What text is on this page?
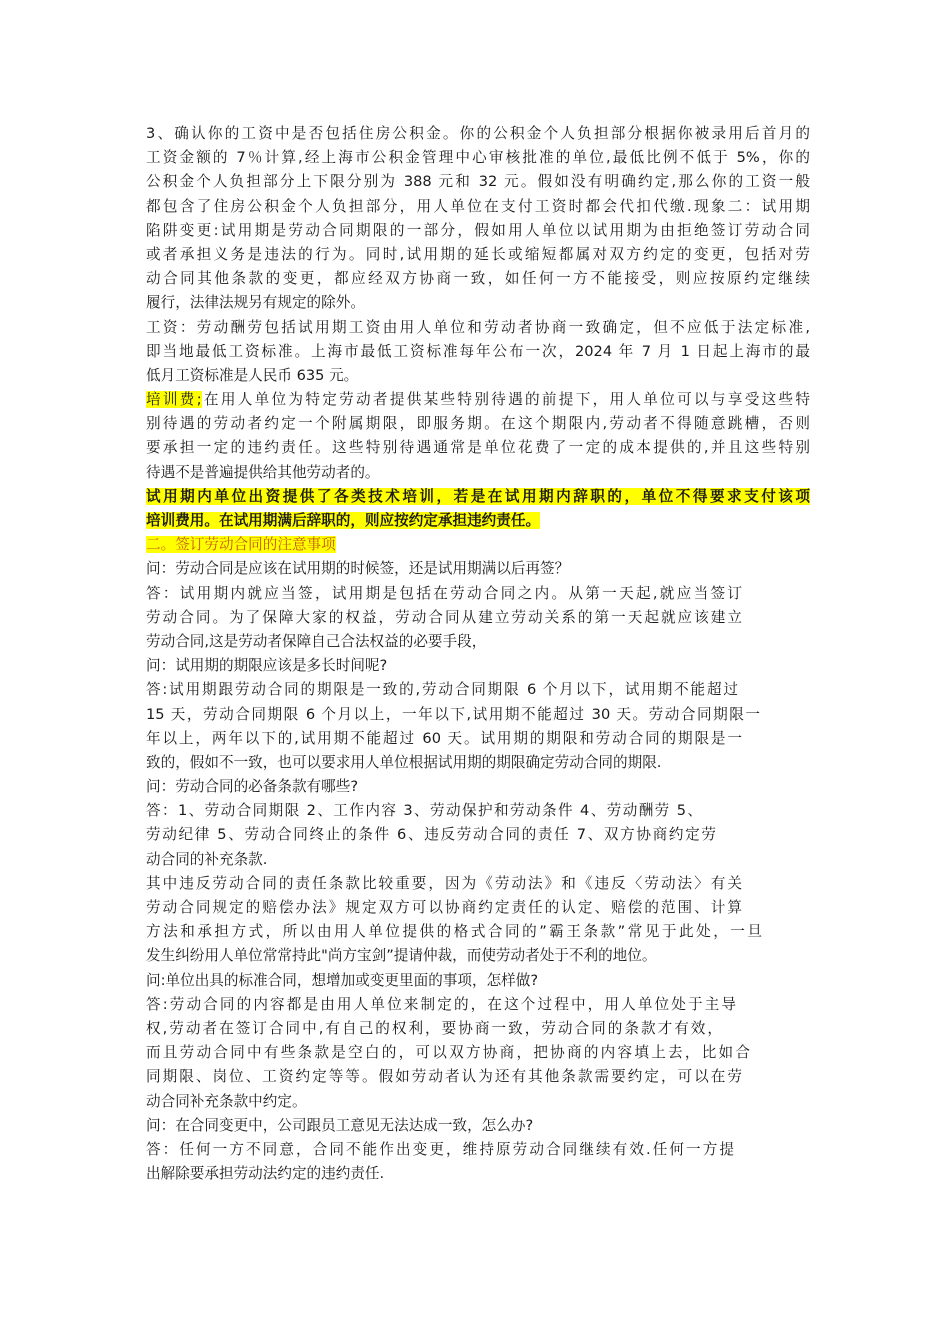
3、确认你的工资中是否包括住房公积金。你的公积金个人负担部分根据你被录用后首月的
工资金额的 7％计算,经上海市公积金管理中心审核批准的单位,最低比例不低于 5%，你的
公积金个人负担部分上下限分别为 388 元和 32 元。假如没有明确约定,那么你的工资一般
都包含了住房公积金个人负担部分，用人单位在支付工资时都会代扣代缴.现象二：试用期
陷阱变更:试用期是劳动合同期限的一部分，假如用人单位以试用期为由拒绝签订劳动合同
或者承担义务是违法的行为。同时,试用期的延长或缩短都属对双方约定的变更，包括对劳
动合同其他条款的变更，都应经双方协商一致，如任何一方不能接受，则应按原约定继续
履行，法律法规另有规定的除外。
工资：劳动酬劳包括试用期工资由用人单位和劳动者协商一致确定，但不应低于法定标准,
即当地最低工资标准。上海市最低工资标准每年公布一次，2024 年 7 月 1 日起上海市的最
低月工资标准是人民币 635 元。
培训费;在用人单位为特定劳动者提供某些特别待遇的前提下，用人单位可以与享受这些特
别待遇的劳动者约定一个附属期限，即服务期。在这个期限内,劳动者不得随意跳槽，否则
要承担一定的违约责任。这些特别待遇通常是单位花费了一定的成本提供的,并且这些特别
待遇不是普遍提供给其他劳动者的。
试用期内单位出资提供了各类技术培训，若是在试用期内辞职的，单位不得要求支付该项
培训费用。在试用期满后辞职的，则应按约定承担违约责任。
二。签订劳动合同的注意事项
问：劳动合同是应该在试用期的时候签，还是试用期满以后再签？
答：试用期内就应当签，试用期是包括在劳动合同之内。从第一天起,就应当签订
劳动合同。为了保障大家的权益，劳动合同从建立劳动关系的第一天起就应该建立
劳动合同,这是劳动者保障自己合法权益的必要手段，
问：试用期的期限应该是多长时间呢?
答:试用期跟劳动合同的期限是一致的,劳动合同期限 6 个月以下，试用期不能超过
15 天，劳动合同期限 6 个月以上，一年以下,试用期不能超过 30 天。劳动合同期限一
年以上，两年以下的,试用期不能超过 60 天。试用期的期限和劳动合同的期限是一
致的，假如不一致，也可以要求用人单位根据试用期的期限确定劳动合同的期限.
问：劳动合同的必备条款有哪些?
答：1、劳动合同期限 2、工作内容 3、劳动保护和劳动条件 4、劳动酬劳 5、
劳动纪律 5、劳动合同终止的条件 6、违反劳动合同的责任 7、双方协商约定劳
动合同的补充条款.
其中违反劳动合同的责任条款比较重要，因为《劳动法》和《违反〈劳动法〉有关
劳动合同规定的赔偿办法》规定双方可以协商约定责任的认定、赔偿的范围、计算
方法和承担方式，所以由用人单位提供的格式合同的”霸王条款”常见于此处，一旦
发生纠纷用人单位常常持此"尚方宝剑”提请仲裁，而使劳动者处于不利的地位。
问:单位出具的标准合同，想增加或变更里面的事项，怎样做?
答:劳动合同的内容都是由用人单位来制定的，在这个过程中，用人单位处于主导
权,劳动者在签订合同中,有自己的权利，要协商一致，劳动合同的条款才有效，
而且劳动合同中有些条款是空白的，可以双方协商，把协商的内容填上去，比如合
同期限、岗位、工资约定等等。假如劳动者认为还有其他条款需要约定，可以在劳
动合同补充条款中约定。
问：在合同变更中，公司跟员工意见无法达成一致，怎么办?
答：任何一方不同意，合同不能作出变更，维持原劳动合同继续有效.任何一方提
出解除要承担劳动法约定的违约责任.
